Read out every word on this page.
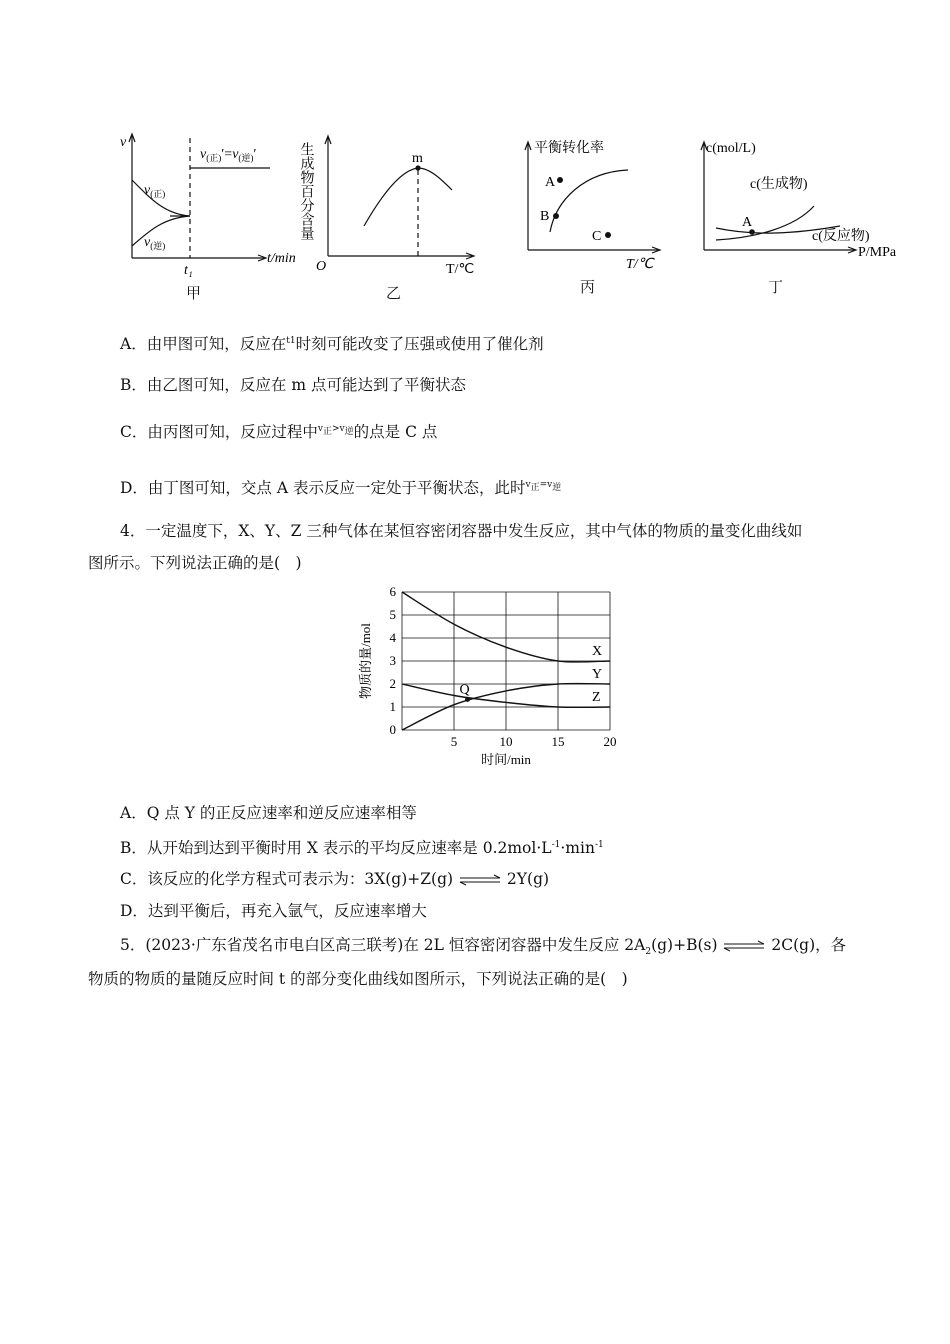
v
t/min
t₁
$v_{(正)}$
$v_{(逆)}$
$v_{(正)}'=v_{(逆)}'$
甲
m
O	T/℃
生成物百分含量
乙
平衡转化率
A
B
C
T/℃
丙
c(mol/L)
c(生成物)
c(反应物)
A
P/MPa
丁
A．由甲图可知，反应在$^{t1}$时刻可能改变了压强或使用了催化剂
B．由乙图可知，反应在 m 点可能达到了平衡状态
C．由丙图可知，反应过程中$^{v_正>v_逆}$的点是 C 点
D．由丁图可知，交点 A 表示反应一定处于平衡状态，此时$^{v_正=v_逆}$
4．一定温度下，X、Y、Z 三种气体在某恒容密闭容器中发生反应，其中气体的物质的量变化曲线如
图所示。下列说法正确的是(　)
0
1
2
3
4
5
6
5	10	15	20
时间/min
物质的量/mol	X
Y
Z
Q
A．Q 点 Y 的正反应速率和逆反应速率相等
B．从开始到达到平衡时用 X 表示的平均反应速率是 $0.2mol\cdot L^{-1}\cdot\min^{-1}$
C．该反应的化学方程式可表示为：3X(g)+Z(g) ⇌ 2Y(g)
D．达到平衡后，再充入氩气，反应速率增大
5．(2023·广东省茂名市电白区高三联考)在 2L 恒容密闭容器中发生反应 $2A_2(g)+B(s)$ ⇌ 2C(g)，各
物质的物质的量随反应时间 t 的部分变化曲线如图所示，下列说法正确的是(　)
